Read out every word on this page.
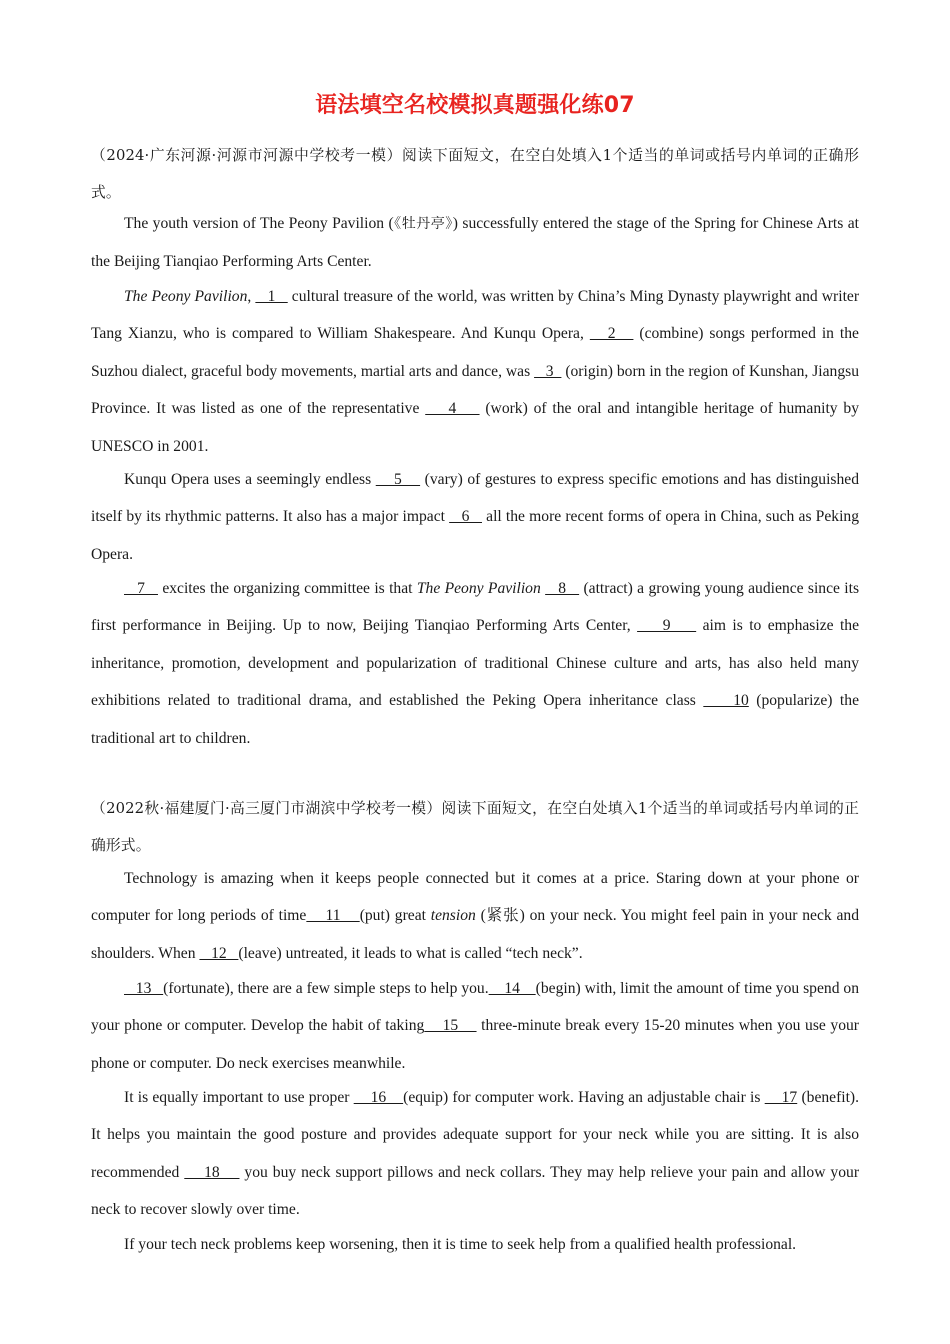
语法填空名校模拟真题强化练07

（2024·广东河源·河源市河源中学校考一模）阅读下面短文，在空白处填入1个适当的单词或括号内单词的正确形式。

The youth version of The Peony Pavilion (《牡丹亭》) successfully entered the stage of the Spring for Chinese Arts at the Beijing Tianqiao Performing Arts Center.

The Peony Pavilion,    1    cultural treasure of the world, was written by China’s Ming Dynasty playwright and writer Tang Xianzu, who is compared to William Shakespeare. And Kunqu Opera,    2    (combine) songs performed in the Suzhou dialect, graceful body movements, martial arts and dance, was    3   (origin) born in the region of Kunshan, Jiangsu Province. It was listed as one of the representative     4     (work) of the oral and intangible heritage of humanity by UNESCO in 2001.

Kunqu Opera uses a seemingly endless     5     (vary) of gestures to express specific emotions and has distinguished itself by its rhythmic patterns. It also has a major impact    6    all the more recent forms of opera in China, such as Peking Opera.

7    excites the organizing committee is that The Peony Pavilion    8    (attract) a growing young audience since its first performance in Beijing. Up to now, Beijing Tianqiao Performing Arts Center,     9     aim is to emphasize the inheritance, promotion, development and popularization of traditional Chinese culture and arts, has also held many exhibitions related to traditional drama, and established the Peking Opera inheritance class     10 (popularize) the traditional art to children.

（2022秋·福建厦门·高三厦门市湖滨中学校考一模）阅读下面短文，在空白处填入1个适当的单词或括号内单词的正确形式。

Technology is amazing when it keeps people connected but it comes at a price. Staring down at your phone or computer for long periods of time    11    (put) great tension (紧张) on your neck. You might feel pain in your neck and shoulders. When    12   (leave) untreated, it leads to what is called “tech neck”.

13   (fortunate), there are a few simple steps to help you.    14    (begin) with, limit the amount of time you spend on your phone or computer. Develop the habit of taking    15     three-minute break every 15-20 minutes when you use your phone or computer. Do neck exercises meanwhile.

It is equally important to use proper     16    (equip) for computer work. Having an adjustable chair is     17 (benefit). It helps you maintain the good posture and provides adequate support for your neck while you are sitting. It is also recommended     18     you buy neck support pillows and neck collars. They may help relieve your pain and allow your neck to recover slowly over time.

If your tech neck problems keep worsening, then it is time to seek help from a qualified health professional.
